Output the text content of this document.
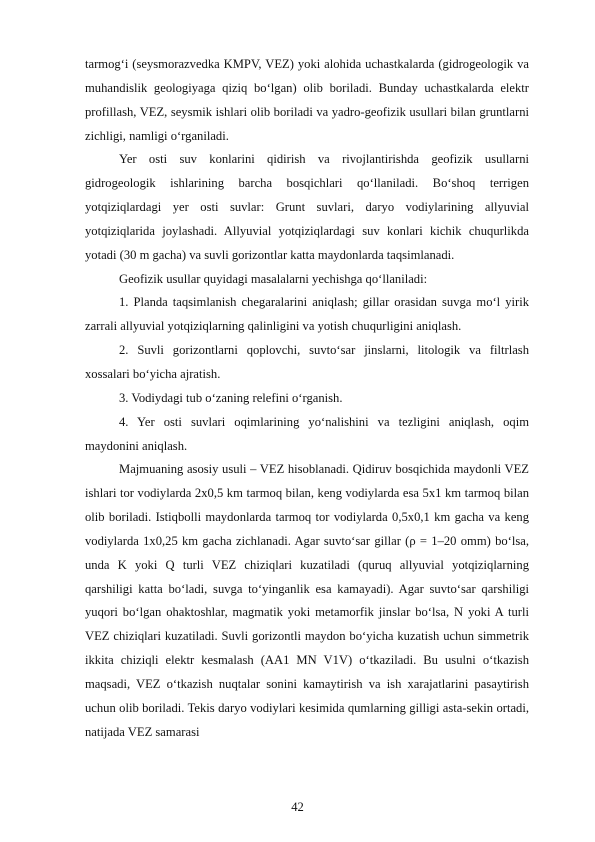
tarmog‘i (seysmorazvedka KMPV, VEZ) yoki alohida uchastkalarda (gidrogeologik va muhandislik geologiyaga qiziq bo‘lgan) olib boriladi. Bunday uchastkalarda elektr profillash, VEZ, seysmik ishlari olib boriladi va yadro-geofizik usullari bilan gruntlarni zichligi, namligi o‘rganiladi.

Yer osti suv konlarini qidirish va rivojlantirishda geofizik usullarni gidrogeologik ishlarining barcha bosqichlari qo‘llaniladi. Bo‘shoq terrigen yotqiziqlardagi yer osti suvlar: Grunt suvlari, daryo vodiylarining allyuvial yotqiziqlarida joylashadi. Allyuvial yotqiziqlardagi suv konlari kichik chuqurlikda yotadi (30 m gacha) va suvli gorizontlar katta maydonlarda taqsimlanadi.

Geofizik usullar quyidagi masalalarni yechishga qo‘llaniladi:

1. Planda taqsimlanish chegaralarini aniqlash; gillar orasidan suvga mo‘l yirik zarrali allyuvial yotqiziqlarning qalinligini va yotish chuqurligini aniqlash.

2. Suvli gorizontlarni qoplovchi, suvto‘sar jinslarni, litologik va filtrlash xossalari bo‘yicha ajratish.

3. Vodiydagi tub o‘zaning relefini o‘rganish.

4. Yer osti suvlari oqimlarining yo‘nalishini va tezligini aniqlash, oqim maydonini aniqlash.

Majmuaning asosiy usuli – VEZ hisoblanadi. Qidiruv bosqichida maydonli VEZ ishlari tor vodiylarda 2x0,5 km tarmoq bilan, keng vodiylarda esa 5x1 km tarmoq bilan olib boriladi. Istiqbolli maydonlarda tarmoq tor vodiylarda 0,5x0,1 km gacha va keng vodiylarda 1x0,25 km gacha zichlanadi. Agar suvto‘sar gillar (ρ = 1–20 omm) bo‘lsa, unda K yoki Q turli VEZ chiziqlari kuzatiladi (quruq allyuvial yotqiziqlarning qarshiligi katta bo‘ladi, suvga to‘yinganlik esa kamayadi). Agar suvto‘sar qarshiligi yuqori bo‘lgan ohaktoshlar, magmatik yoki metamorfik jinslar bo‘lsa, N yoki A turli VEZ chiziqlari kuzatiladi. Suvli gorizontli maydon bo‘yicha kuzatish uchun simmetrik ikkita chiziqli elektr kesmalash (AA1 MN V1V) o‘tkaziladi. Bu usulni o‘tkazish maqsadi, VEZ o‘tkazish nuqtalar sonini kamaytirish va ish xarajatlarini pasaytirish uchun olib boriladi. Tekis daryo vodiylari kesimida qumlarning gilligi asta-sekin ortadi, natijada VEZ samarasi

42
